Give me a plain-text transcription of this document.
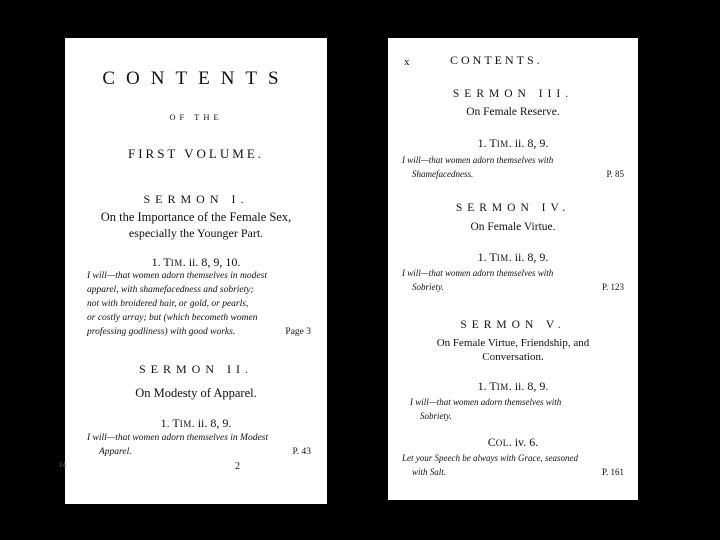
CONTENTS
OF THE
FIRST VOLUME.
SERMON I.
On the Importance of the Female Sex,
especially the Younger Part.
1. TIM. ii. 8, 9, 10.
I will—that women adorn themselves in modest
apparel, with shamefacedness and sobriety;
not with broidered hair, or gold, or pearls,
or costly array; but (which becometh women
professing godliness) with good works.	Page 3
SERMON II.
On Modesty of Apparel.
1. TIM. ii. 8, 9.
I will—that women adorn themselves in Modest
Apparel.	P. 43
2
14
x	CONTENTS.
SERMON III.
On Female Reserve.
1. TIM. ii. 8, 9.
I will—that women adorn themselves with
Shamefacedness.	P. 85
SERMON IV.
On Female Virtue.
1. TIM. ii. 8, 9.
I will—that women adorn themselves with
Sobriety.	P. 123
SERMON V.
On Female Virtue, Friendship, and
Conversation.
1. TIM. ii. 8, 9.
I will—that women adorn themselves with
Sobriety.
COL. iv. 6.
Let your Speech be always with Grace, seasoned
with Salt.	P. 161
